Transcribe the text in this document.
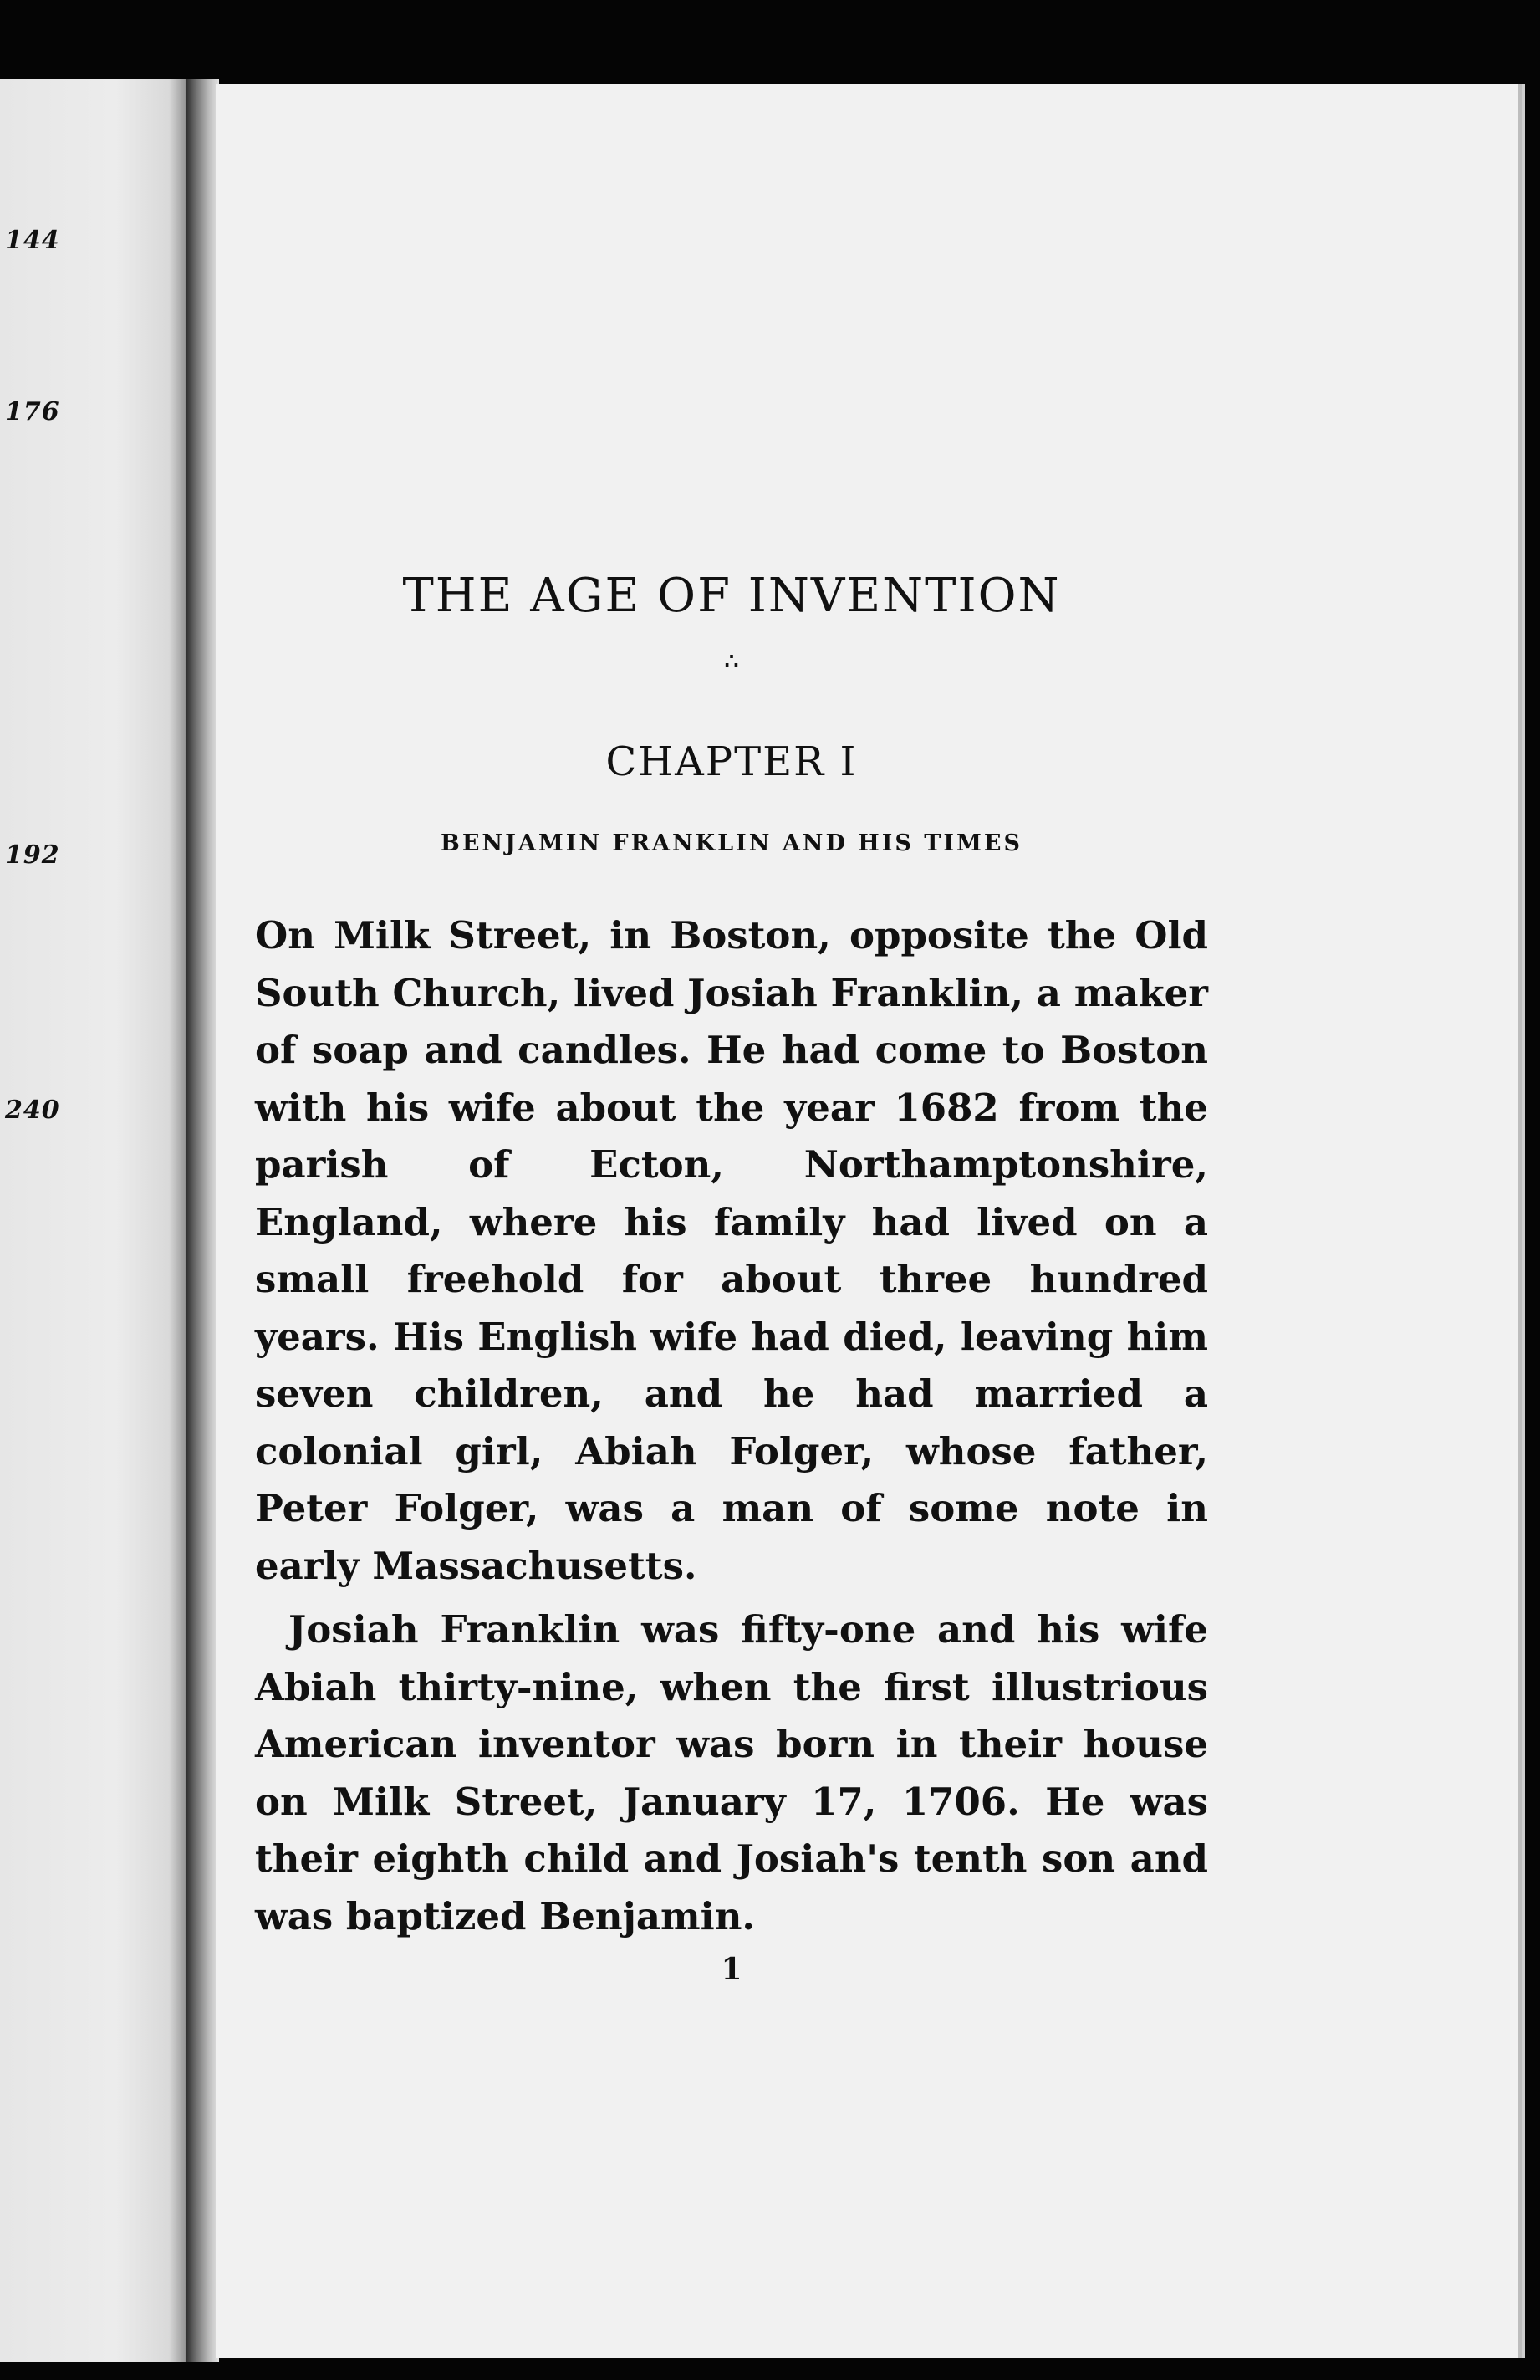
144
176
192
240
THE AGE OF INVENTION
∴
CHAPTER I
BENJAMIN FRANKLIN AND HIS TIMES

On Milk Street, in Boston, opposite the Old South Church, lived Josiah Franklin, a maker of soap and candles. He had come to Boston with his wife about the year 1682 from the parish of Ecton, Northamptonshire, England, where his family had lived on a small freehold for about three hundred years. His English wife had died, leaving him seven children, and he had married a colonial girl, Abiah Folger, whose father, Peter Folger, was a man of some note in early Massachusetts.

Josiah Franklin was fifty-one and his wife Abiah thirty-nine, when the first illustrious American inventor was born in their house on Milk Street, January 17, 1706. He was their eighth child and Josiah's tenth son and was baptized Benjamin.

1
